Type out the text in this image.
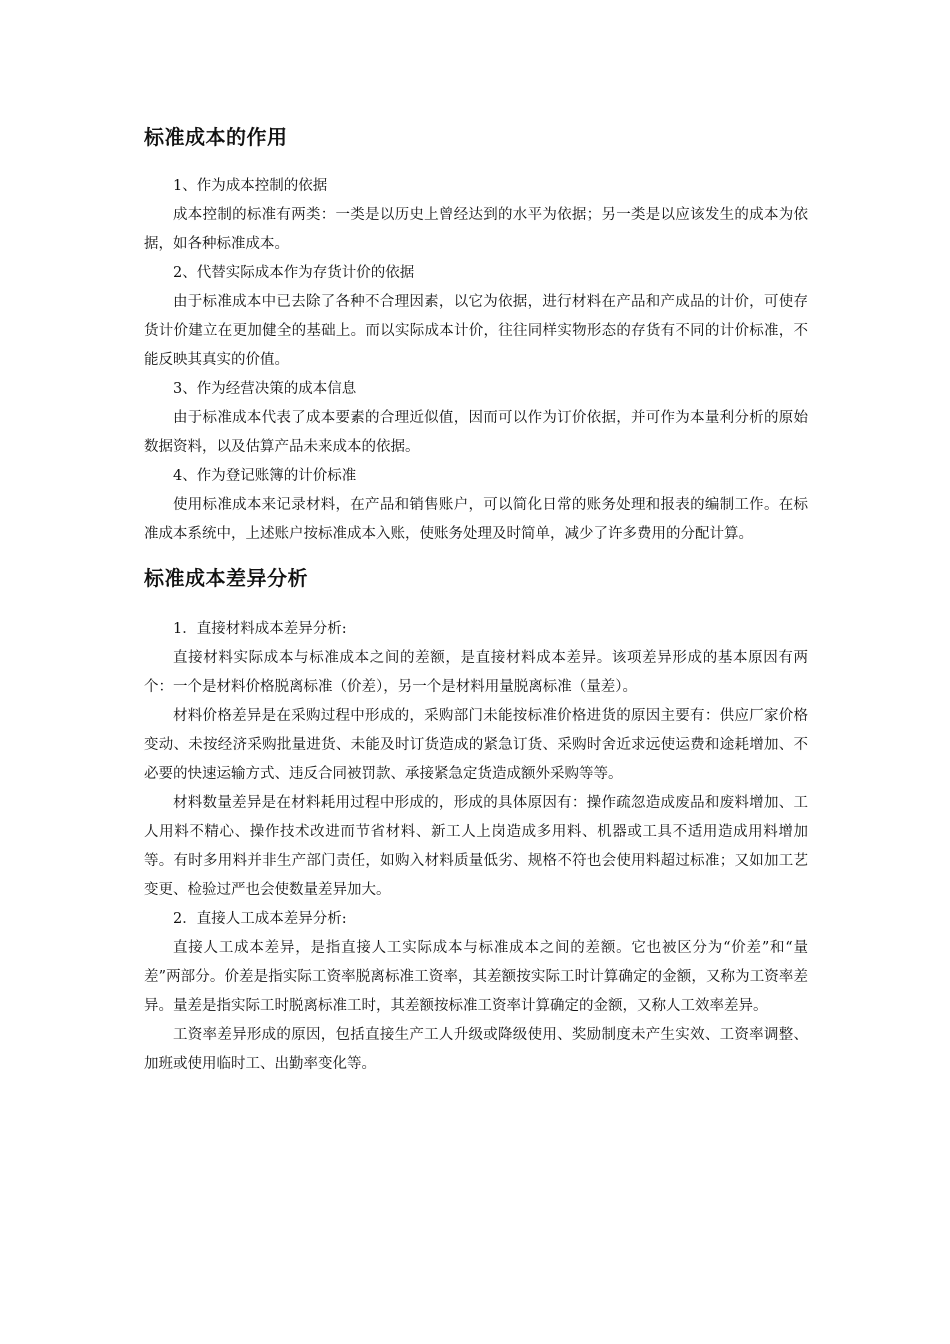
标准成本的作用

1、作为成本控制的依据

成本控制的标准有两类：一类是以历史上曾经达到的水平为依据；另一类是以应该发生的成本为依据，如各种标准成本。

2、代替实际成本作为存货计价的依据

由于标准成本中已去除了各种不合理因素，以它为依据，进行材料在产品和产成品的计价，可使存货计价建立在更加健全的基础上。而以实际成本计价，往往同样实物形态的存货有不同的计价标准，不能反映其真实的价值。

3、作为经营决策的成本信息

由于标准成本代表了成本要素的合理近似值，因而可以作为订价依据，并可作为本量利分析的原始数据资料，以及估算产品未来成本的依据。

4、作为登记账簿的计价标准

使用标准成本来记录材料，在产品和销售账户，可以简化日常的账务处理和报表的编制工作。在标准成本系统中，上述账户按标准成本入账，使账务处理及时简单，减少了许多费用的分配计算。

标准成本差异分析

1．直接材料成本差异分析:

直接材料实际成本与标准成本之间的差额，是直接材料成本差异。该项差异形成的基本原因有两个：一个是材料价格脱离标准（价差），另一个是材料用量脱离标准（量差）。

材料价格差异是在采购过程中形成的，采购部门未能按标准价格进货的原因主要有：供应厂家价格变动、未按经济采购批量进货、未能及时订货造成的紧急订货、采购时舍近求远使运费和途耗增加、不必要的快速运输方式、违反合同被罚款、承接紧急定货造成额外采购等等。

材料数量差异是在材料耗用过程中形成的，形成的具体原因有：操作疏忽造成废品和废料增加、工人用料不精心、操作技术改进而节省材料、新工人上岗造成多用料、机器或工具不适用造成用料增加等。有时多用料并非生产部门责任，如购入材料质量低劣、规格不符也会使用料超过标准；又如加工艺变更、检验过严也会使数量差异加大。

2．直接人工成本差异分析:

直接人工成本差异，是指直接人工实际成本与标准成本之间的差额。它也被区分为“价差”和“量差”两部分。价差是指实际工资率脱离标准工资率，其差额按实际工时计算确定的金额，又称为工资率差异。量差是指实际工时脱离标准工时，其差额按标准工资率计算确定的金额，又称人工效率差异。

工资率差异形成的原因，包括直接生产工人升级或降级使用、奖励制度未产生实效、工资率调整、加班或使用临时工、出勤率变化等。
